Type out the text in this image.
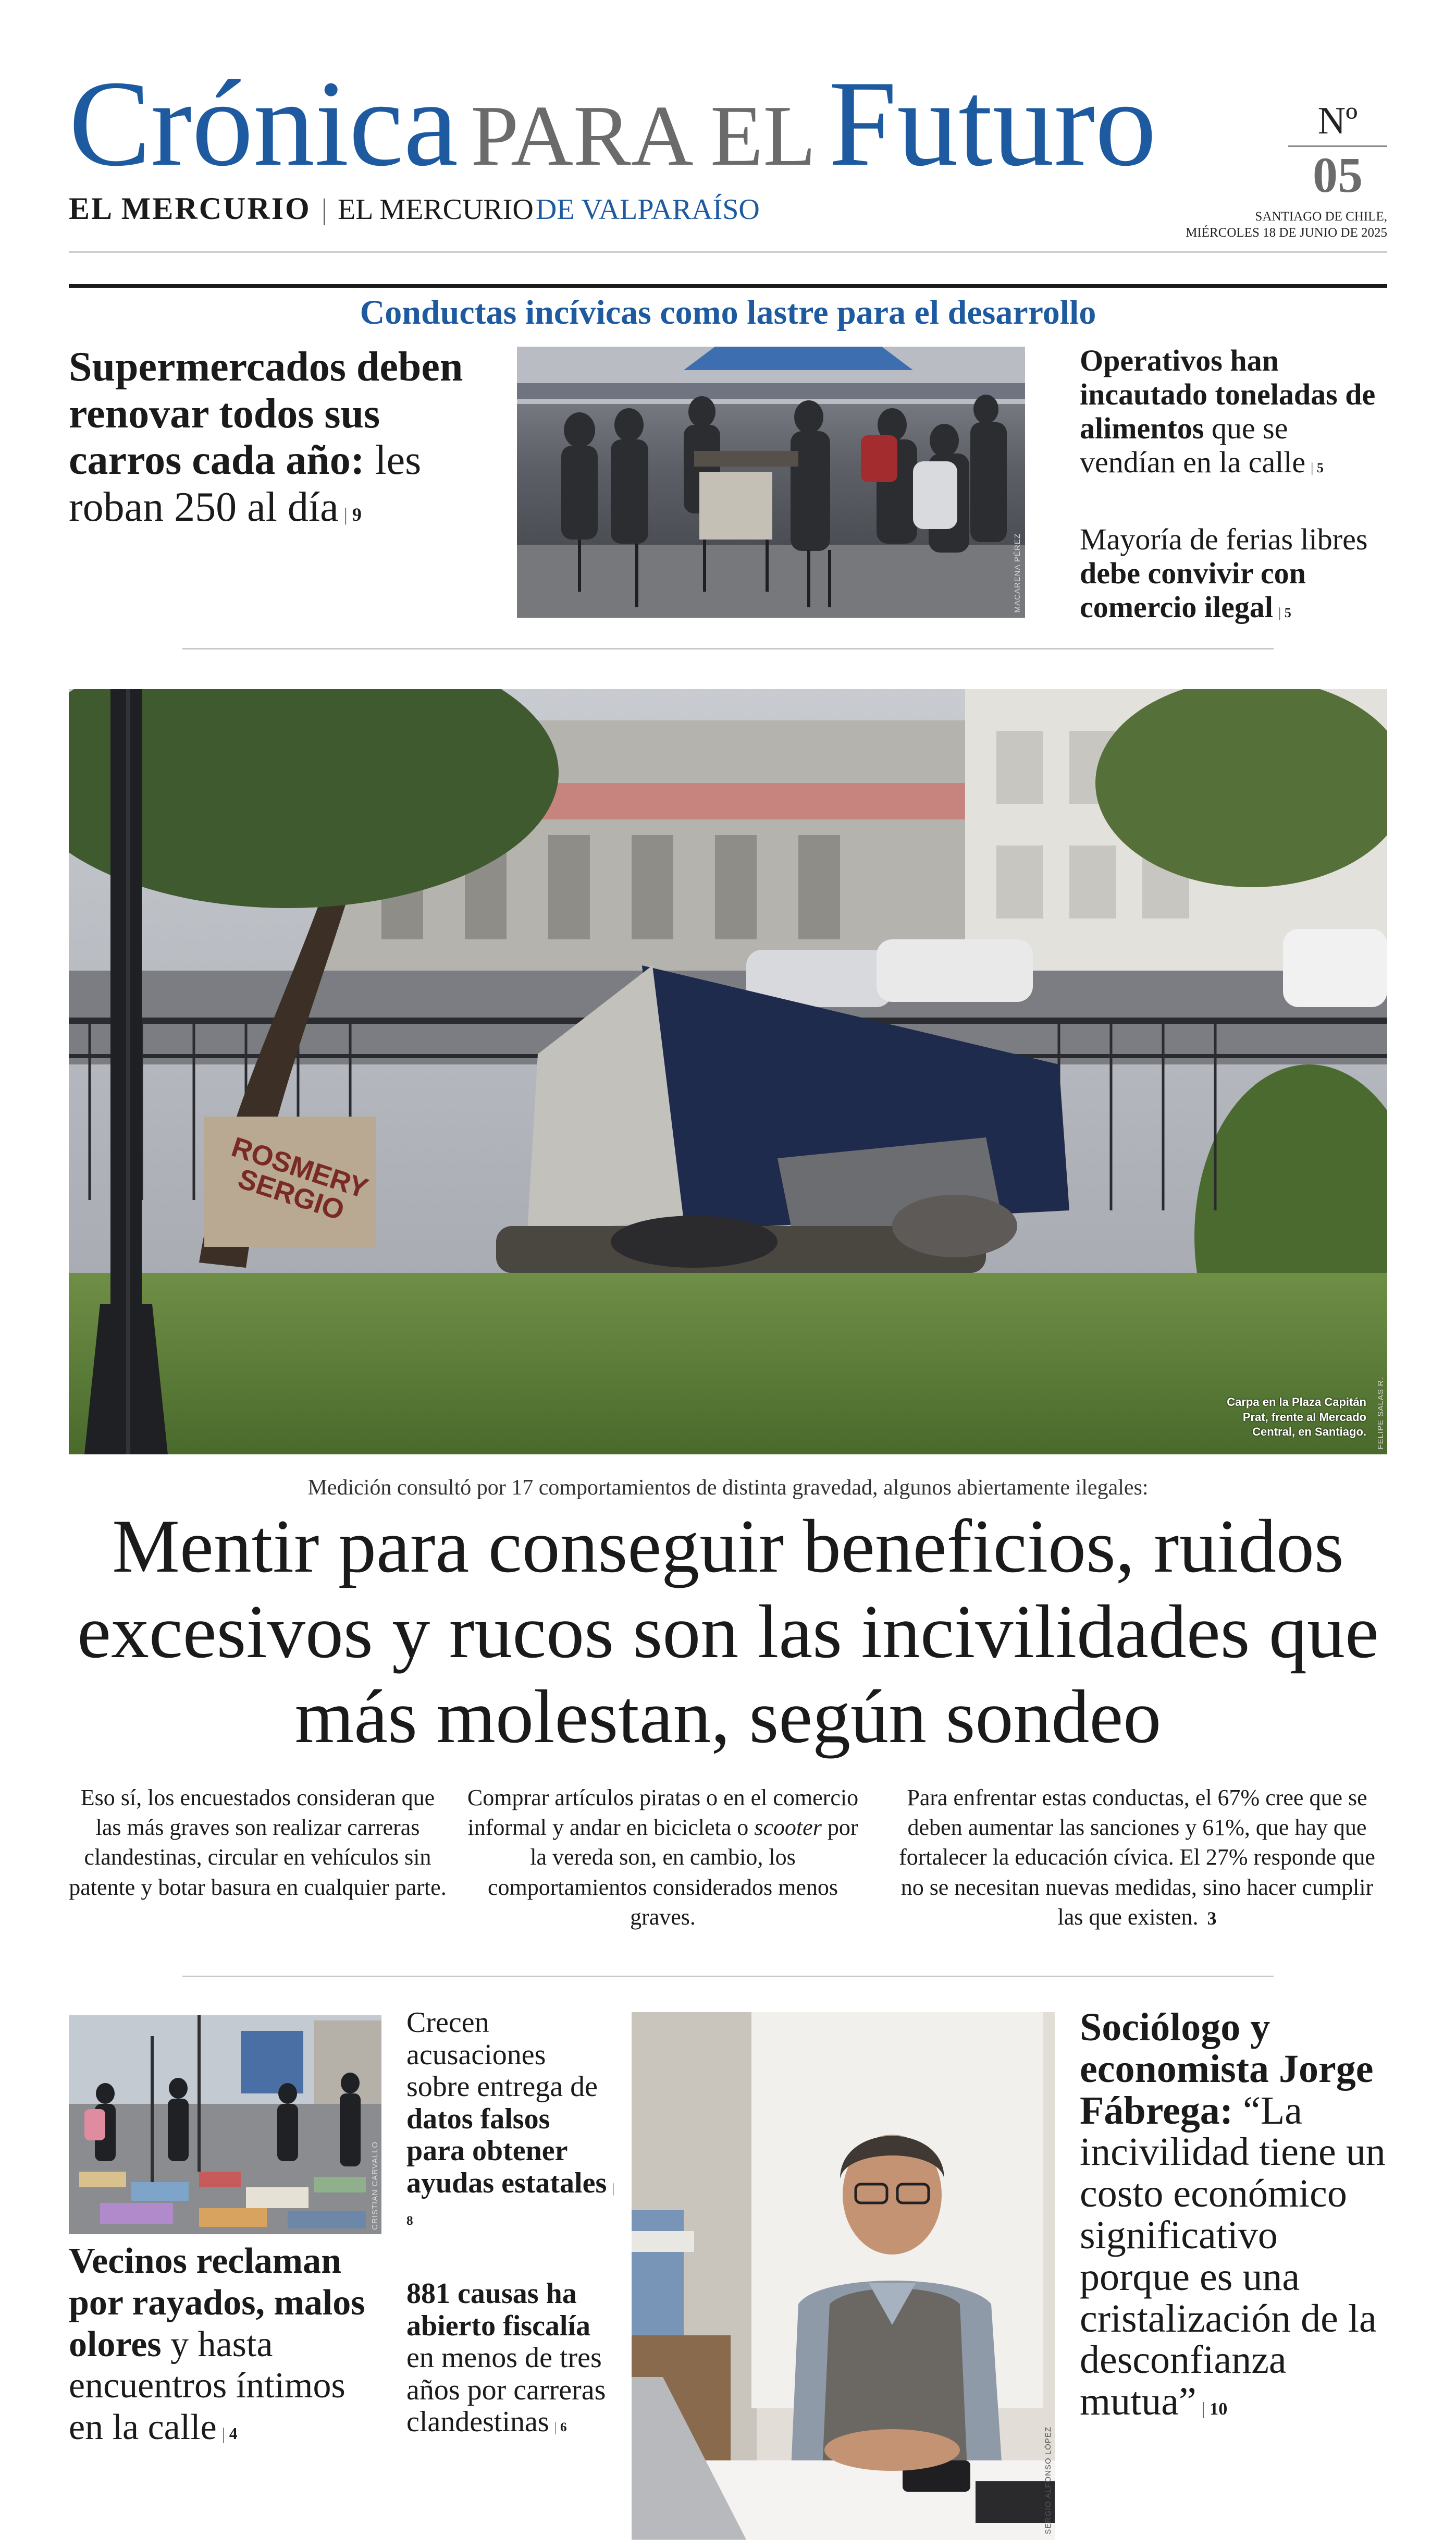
Crónica PARA EL Futuro	Nº
05
EL MERCURIO | EL MERCURIO DE VALPARAÍSO	SANTIAGO DE CHILE,
MIÉRCOLES 18 DE JUNIO DE 2025
Conductas incívicas como lastre para el desarrollo
Supermercados deben renovar todos sus carros cada año: les roban 250 al día | 9
MACARENA PÉREZ
Operativos han incautado toneladas de alimentos que se vendían en la calle | 5
Mayoría de ferias libres debe convivir con comercio ilegal | 5
ROSMERY SERGIO
Carpa en la Plaza Capitán Prat, frente al Mercado Central, en Santiago. FELIPE SALAS R.
Medición consultó por 17 comportamientos de distinta gravedad, algunos abiertamente ilegales:
Mentir para conseguir beneficios, ruidos excesivos y rucos son las incivilidades que más molestan, según sondeo
Eso sí, los encuestados consideran que las más graves son realizar carreras clandestinas, circular en vehículos sin patente y botar basura en cualquier parte.
Comprar artículos piratas o en el comercio informal y andar en bicicleta o scooter por la vereda son, en cambio, los comportamientos considerados menos graves.
Para enfrentar estas conductas, el 67% cree que se deben aumentar las sanciones y 61%, que hay que fortalecer la educación cívica. El 27% responde que no se necesitan nuevas medidas, sino hacer cumplir las que existen. 3
CRISTIAN CARVALLO
Vecinos reclaman por rayados, malos olores y hasta encuentros íntimos en la calle | 4
Crecen acusaciones sobre entrega de datos falsos para obtener ayudas estatales| 8
881 causas ha abierto fiscalía en menos de tres años por carreras clandestinas | 6	SERGIO ALFONSO LÓPEZ
Sociólogo y economista Jorge Fábrega: “La incivilidad tiene un costo económico significativo porque es una cristalización de la desconfianza mutua” | 10
